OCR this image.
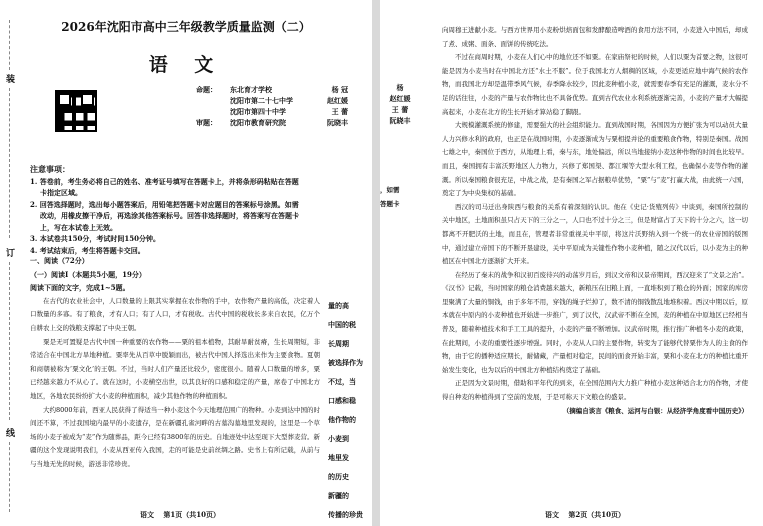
装
订
线
2026年沈阳市高中三年级教学质量监测（二）
语 文
命题：	东北育才学校	杨 冠
沈阳市第二十七中学	赵红媛
沈阳市第四十中学	王 蕾
审题：	沈阳市教育研究院	阮晓丰
注意事项：
1. 答卷前，考生务必将自己的姓名、准考证号填写在答题卡上，并将条形码粘贴在答题
卡指定区域。
2. 回答选择题时，选出每小题答案后，用铅笔把答题卡对应题目的答案标号涂黑。如需
改动，用橡皮擦干净后，再选涂其他答案标号。回答非选择题时，将答案写在答题卡
上，写在本试卷上无效。
3. 本试卷共150分，考试时间150分钟。
4. 考试结束后，考生将答题卡交回。

一、阅读（72分）

（一）阅读Ⅰ（本题共5小题，19分）

阅读下面的文字，完成1~5题。

在古代的农业社会中，人口数量的上限其实掌握在农作物的手中，农作物产量的高低，决定着人口数量的多寡。有了粮食，才有人口；有了人口，才有税收。古代中国的税收长多来自农民，亿万个自耕农上交的钱粮支撑起了中央王朝。

粟是无可置疑是古代中国一种重要的农作物——粟的祖本植物，其耐旱耐贫瘠，生长周期短，非常适合在中国北方旱地种植。粟率先从百草中脱颖而出，被古代中国人择选出来作为主要食物。夏朝和商朝被称为‘粟文化’的王朝。不过，当时人们产量还比较少，密度很小。随着人口数量的增多，粟已经越来越力不从心了。就在这时，小麦横空出世，以其良好的口感和稳定的产量，席卷了中国北方地区，各地农民纷纷扩大小麦的种植面积，减少其他作物的种植面积。

大约8000年前，西亚人民获得了得适当一种小麦这个今天地理范围广的物种。小麦到达中国的时间还不算，不过我国境内最早的小麦遗存，是在新疆孔雀河畔的古墓沟墓地里发现的，这里是一个草场的小麦子被成为“麦”作为随葬品，距今已经有3800年的历史。自地迹处中达至现下大型葬麦营。新疆的这个发现说明我们，小麦从西亚传入我国，走的可能是史前丝绸之路。史书上有所记载，从前与与当地无先的时候，游送非常珍贵。

量的高
中国的税
长周期
被选择作为
不过，当
口感和稳
他作物的
小麦到
地里发
的历史
新疆的
传播的珍贵
语文　 第1页（共10页）
杨
赵红媛
王 蕾
阮晓丰
，如需
答题卡

向周穆王进献小麦。与西方世界用小麦粉烘焙面包和发酵酿造啤酒的食用方法不同，小麦进入中国后，却成了煮、成粥、面条、面饼的传统吃法。

不过在商周时期，小麦在人们心中的地位还不如粟。在家庙祭祀的时候，人们以粟为首要之物，这很可能是因为小麦当时在中国北方还“水土不服”。位于我国北方人烟稠的区域，小麦更适应地中海气候的农作物，而我国北方却是温带季风气候，春季降水较少，因此麦种植小麦，就需要春季有充足的灌溉，麦水分不足的话往往，小麦的产量与农作物比也不具备优势。直到古代农业水利系统逐渐完善，小麦的产量才大幅提高起来，小麦在北方的生长开始才算站稳了脚跟。

大规模灌溉系统的修建，需要强大的社会组织能力。直到战国时期，各国因为方便扩张为可以动员大量人力兴修水利的政府，也正是在战国时期，小麦逐渐成为与粟相提并论的重要粮食作物，特别是秦国。战国七雄之中，秦国位于西方，从地理上看，秦与东，地处偏远，所以当地接纳小麦这种作物的时间也比较早。而且，秦国拥有丰富沃野地区人力物力，兴修了郑国渠、都江堰等大型水利工程，也确保小麦等作物的灌溉。所以秦国粮食很充足，中战之战，是有秦国之军占据粮草优势，“粟”与“麦”打赢大战，由此统一六国，奠定了为中央集权的基础。

西汉的司马迁出身陕西与粮食的关系有着深刻的认识。他在《史记·货殖列传》中谈到，秦国所控制的关中地区，土地面积虽只占天下的三分之一，人口也不过十分之三，但是财富占了天下的十分之六，这一切都离不开肥沃的土地，而且在，管理者非常重视关中平原，将这片沃野纳入到一个统一的农业帝国的版图中，通过建立帝国下的不断开垦建设，关中平原成为关键性作物小麦种植，随之汉代以后，以小麦为主的种植区在中国北方逐渐扩大开来。

在经历了秦末的战争和汉初百废待兴的动荡岁月后，到汉文帝和汉景帝期间，西汉迎来了“文景之治”。《汉书》记载，当时国家的粮仓消费越来越大，新粮压在旧粮上面，一直堆积到了粮仓的外面；国家的库房里聚满了大量的铜钱，由于多年不用，穿钱的绳子烂掉了，数不清的铜钱散乱地堆积着。西汉中期以后，原本就在中原内的小麦种植也开始进一步推广，到了汉代，汉武帝不断在全国，麦的种植在中原地区已经相当普及，随着种植技术和手工工具的提升，小麦的产量不断增加。汉武帝时期，推行推广种植冬小麦的政策，在此期间，小麦的重要性逐步增强。同时，小麦从人口的主要作物，转变为了能够代替粟作为人的主食的作物，由于它的播种适应期长，耐储藏，产量相对稳定，民间的面食开始丰富，粟和小麦在北方的种植比重开始发生变化，也为以后的中国北方种植结构奠定了基础。

正是因为文景时期，借助和平年代的到来，在全国范围内大力推广种植小麦这种适合北方的作物，才使得自种麦的种植得到了空前的发展，于是可称天下文粮仓的盛景。

（摘编自谈言《粮食、运河与白银：从经济学角度看中国历史》）

语文　 第2页（共10页）
